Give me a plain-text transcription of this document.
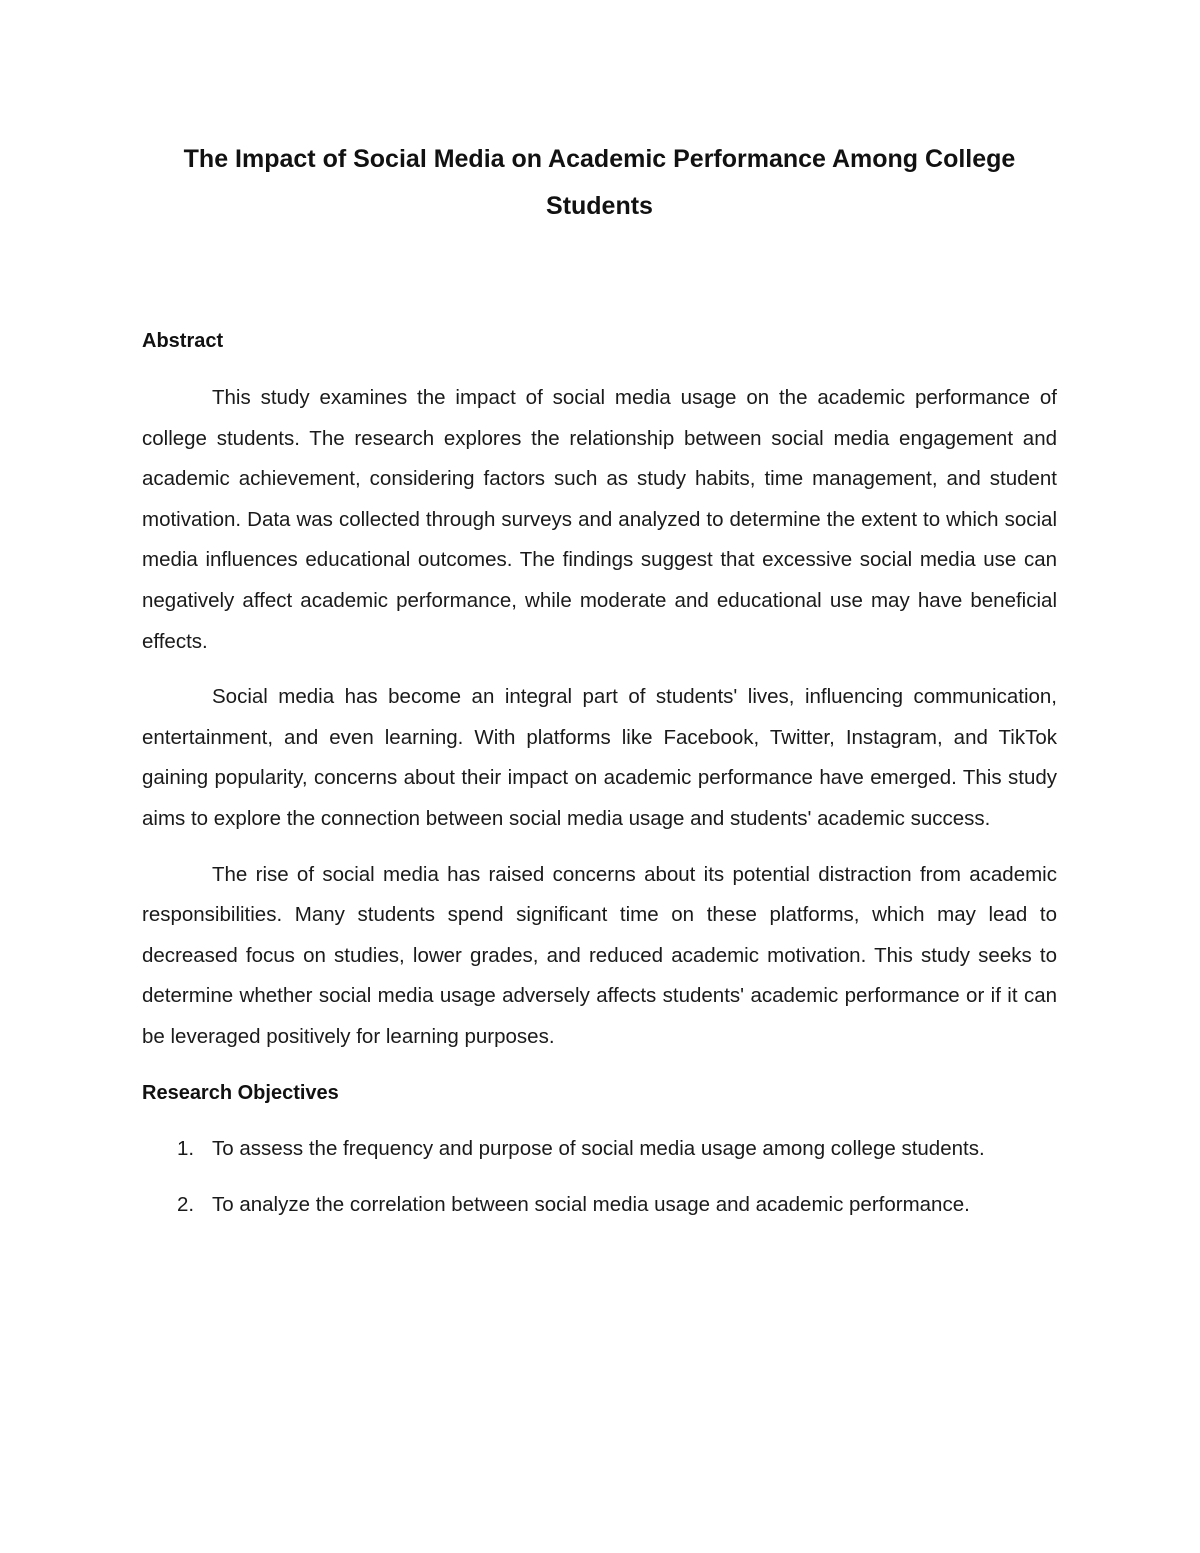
The Impact of Social Media on Academic Performance Among College Students
Abstract

This study examines the impact of social media usage on the academic performance of college students. The research explores the relationship between social media engagement and academic achievement, considering factors such as study habits, time management, and student motivation. Data was collected through surveys and analyzed to determine the extent to which social media influences educational outcomes. The findings suggest that excessive social media use can negatively affect academic performance, while moderate and educational use may have beneficial effects.

Social media has become an integral part of students' lives, influencing communication, entertainment, and even learning. With platforms like Facebook, Twitter, Instagram, and TikTok gaining popularity, concerns about their impact on academic performance have emerged. This study aims to explore the connection between social media usage and students' academic success.

The rise of social media has raised concerns about its potential distraction from academic responsibilities. Many students spend significant time on these platforms, which may lead to decreased focus on studies, lower grades, and reduced academic motivation. This study seeks to determine whether social media usage adversely affects students' academic performance or if it can be leveraged positively for learning purposes.

Research Objectives
1. To assess the frequency and purpose of social media usage among college students.
2. To analyze the correlation between social media usage and academic performance.
